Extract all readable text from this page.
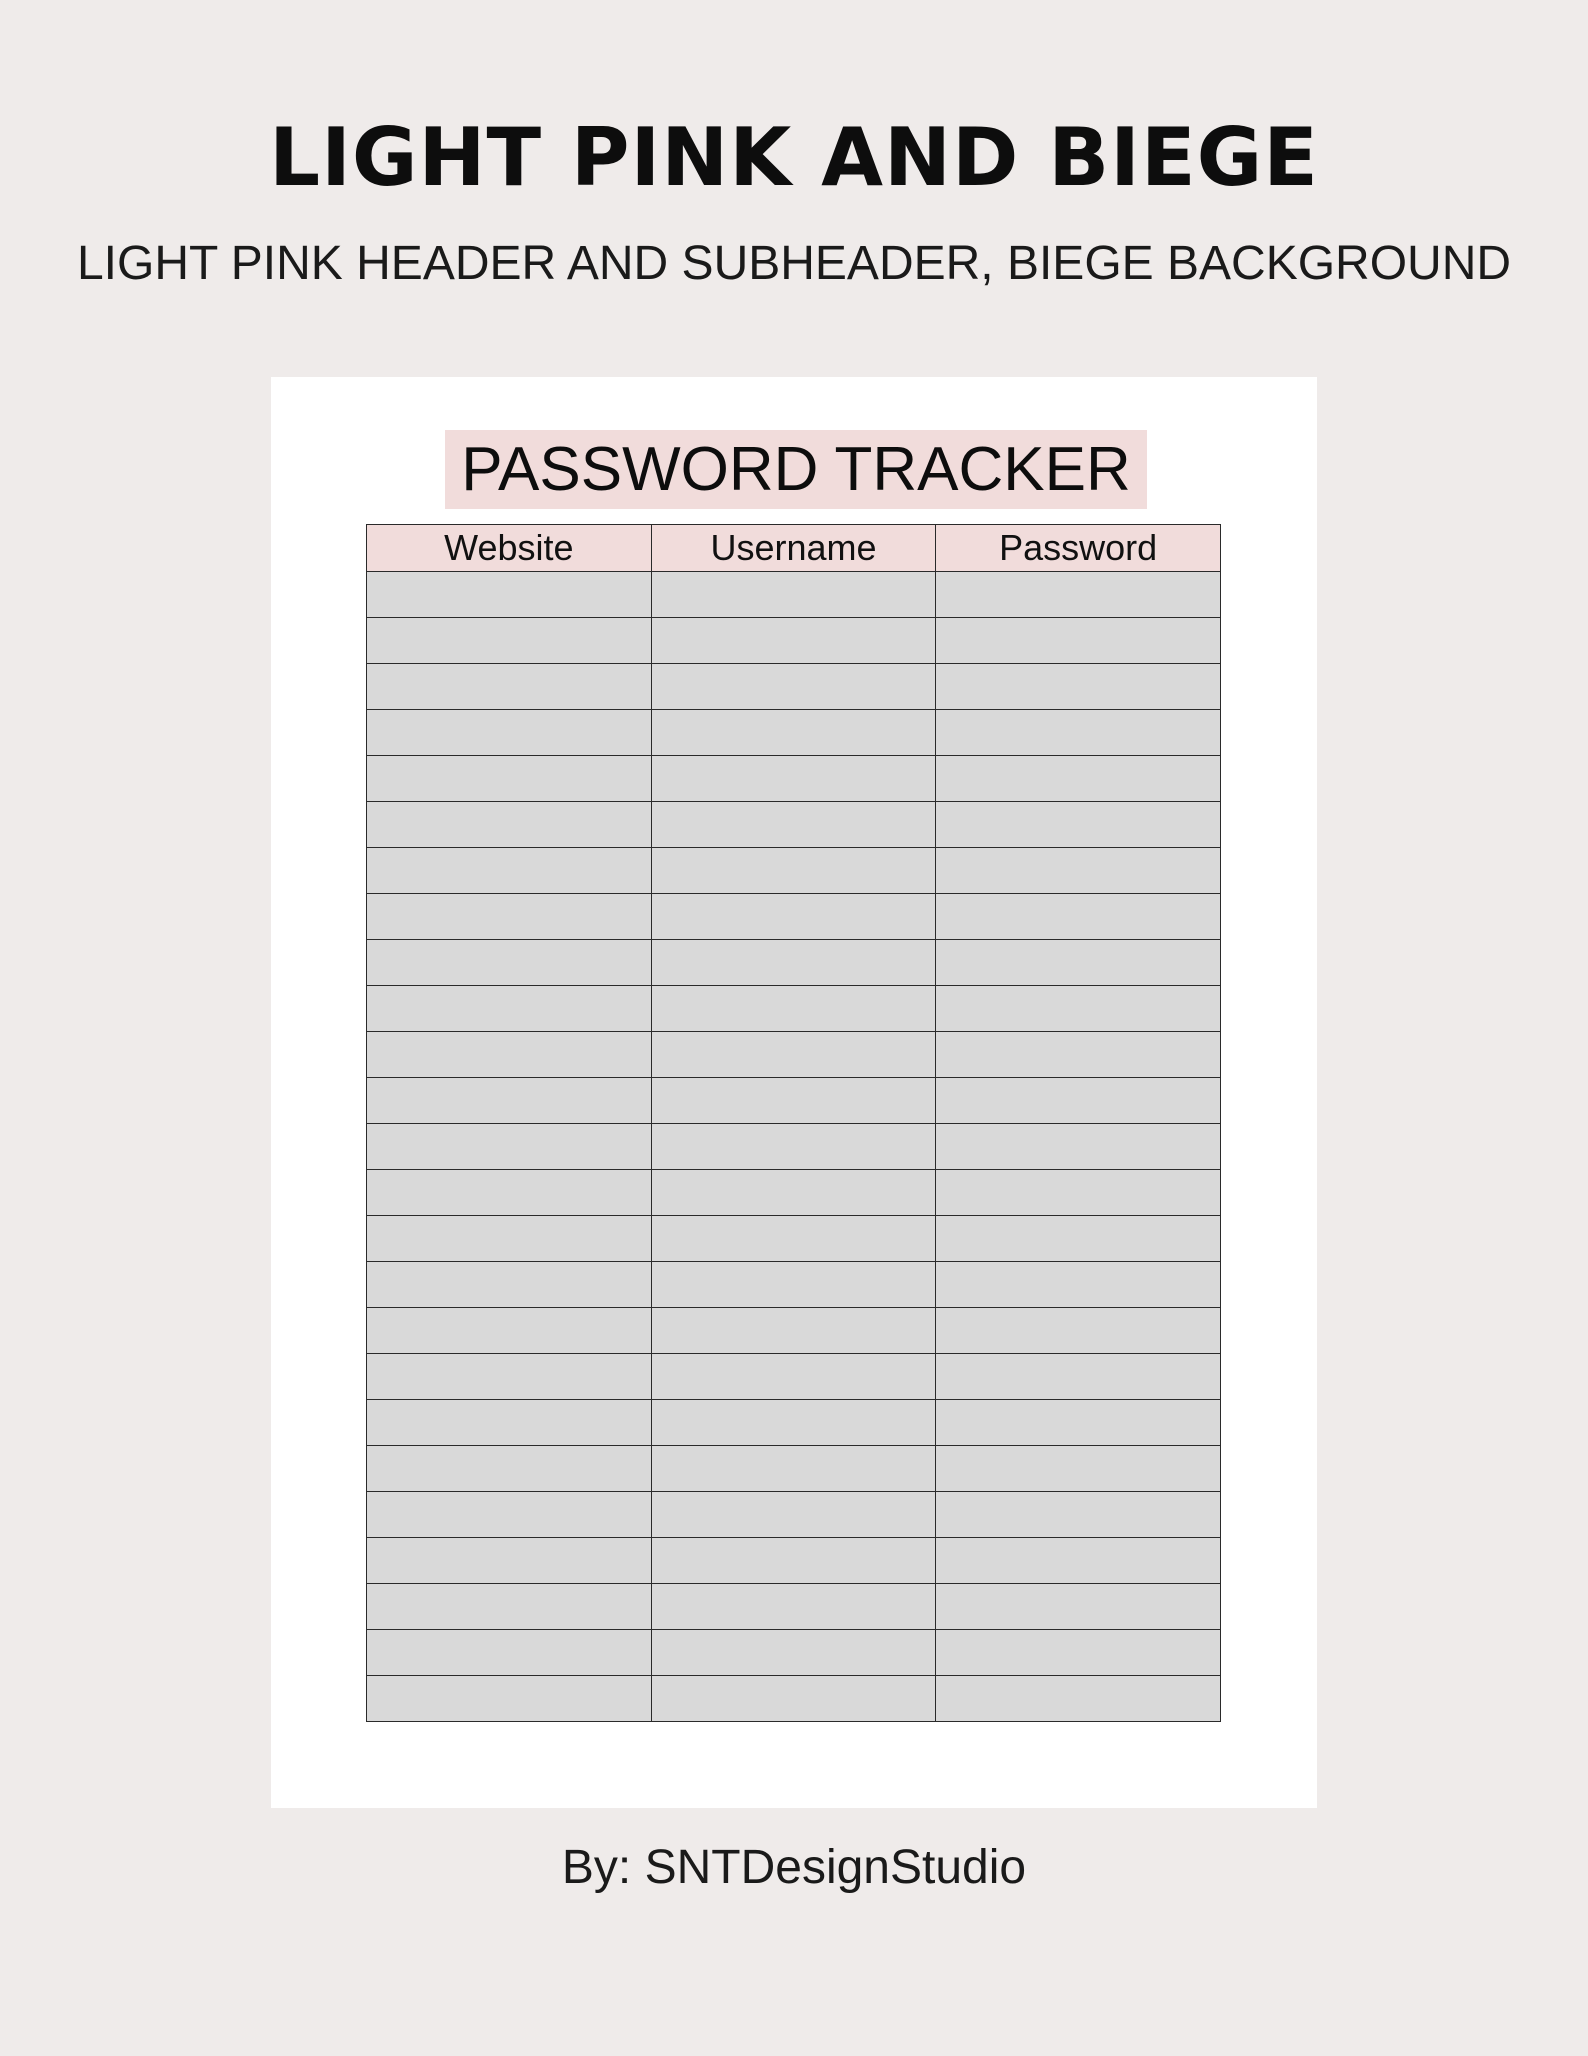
LIGHT PINK AND BIEGE
LIGHT PINK HEADER AND SUBHEADER, BIEGE BACKGROUND
PASSWORD TRACKER
Website	Username	Password

By: SNTDesignStudio
